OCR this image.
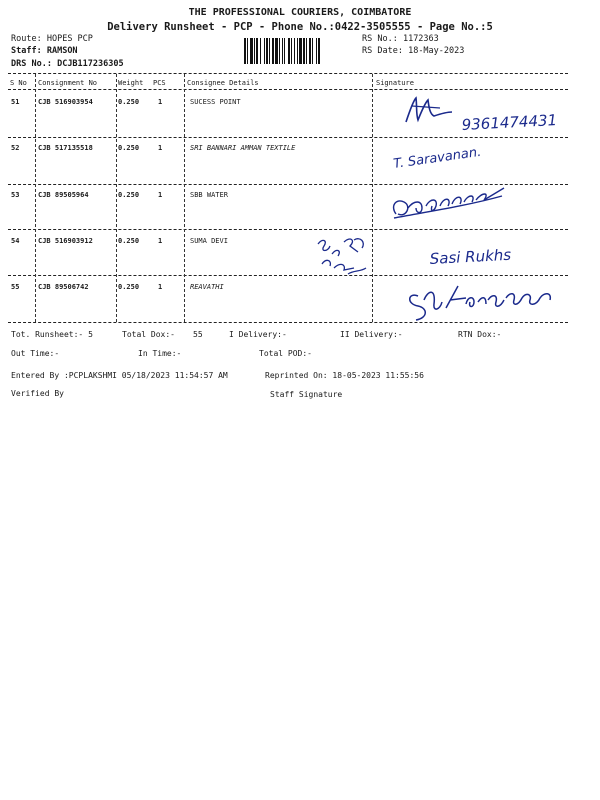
THE PROFESSIONAL COURIERS, COIMBATORE
Delivery Runsheet - PCP - Phone No.:0422-3505555 - Page No.:5
Route: HOPES PCP
Staff: RAMSON
DRS No.: DCJB117236305
RS No.: 1172363
RS Date: 18-May-2023
S No Consignment No	Weight PCS	Consignee Details	Signature
51	CJB 516903954	0.250	1	SUCESS POINT
52	CJB 517135518	0.250	1	SRI BANNARI AMMAN TEXTILE
53	CJB 89505964	0.250	1	SBB WATER
54	CJB 516903912	0.250	1	SUMA DEVI
55	CJB 89506742	0.250	1	REAVATHI
9361474431
T. Saravanan.
Sasi Rukhs
Tot. Runsheet:- 5	Total Dox:- 55	I Delivery:-	II Delivery:-	RTN Dox:-
Out Time:-	In Time:-	Total POD:-
Entered By :PCPLAKSHMI 05/18/2023 11:54:57 AM	Reprinted On: 18-05-2023 11:55:56
Verified By	Staff Signature
